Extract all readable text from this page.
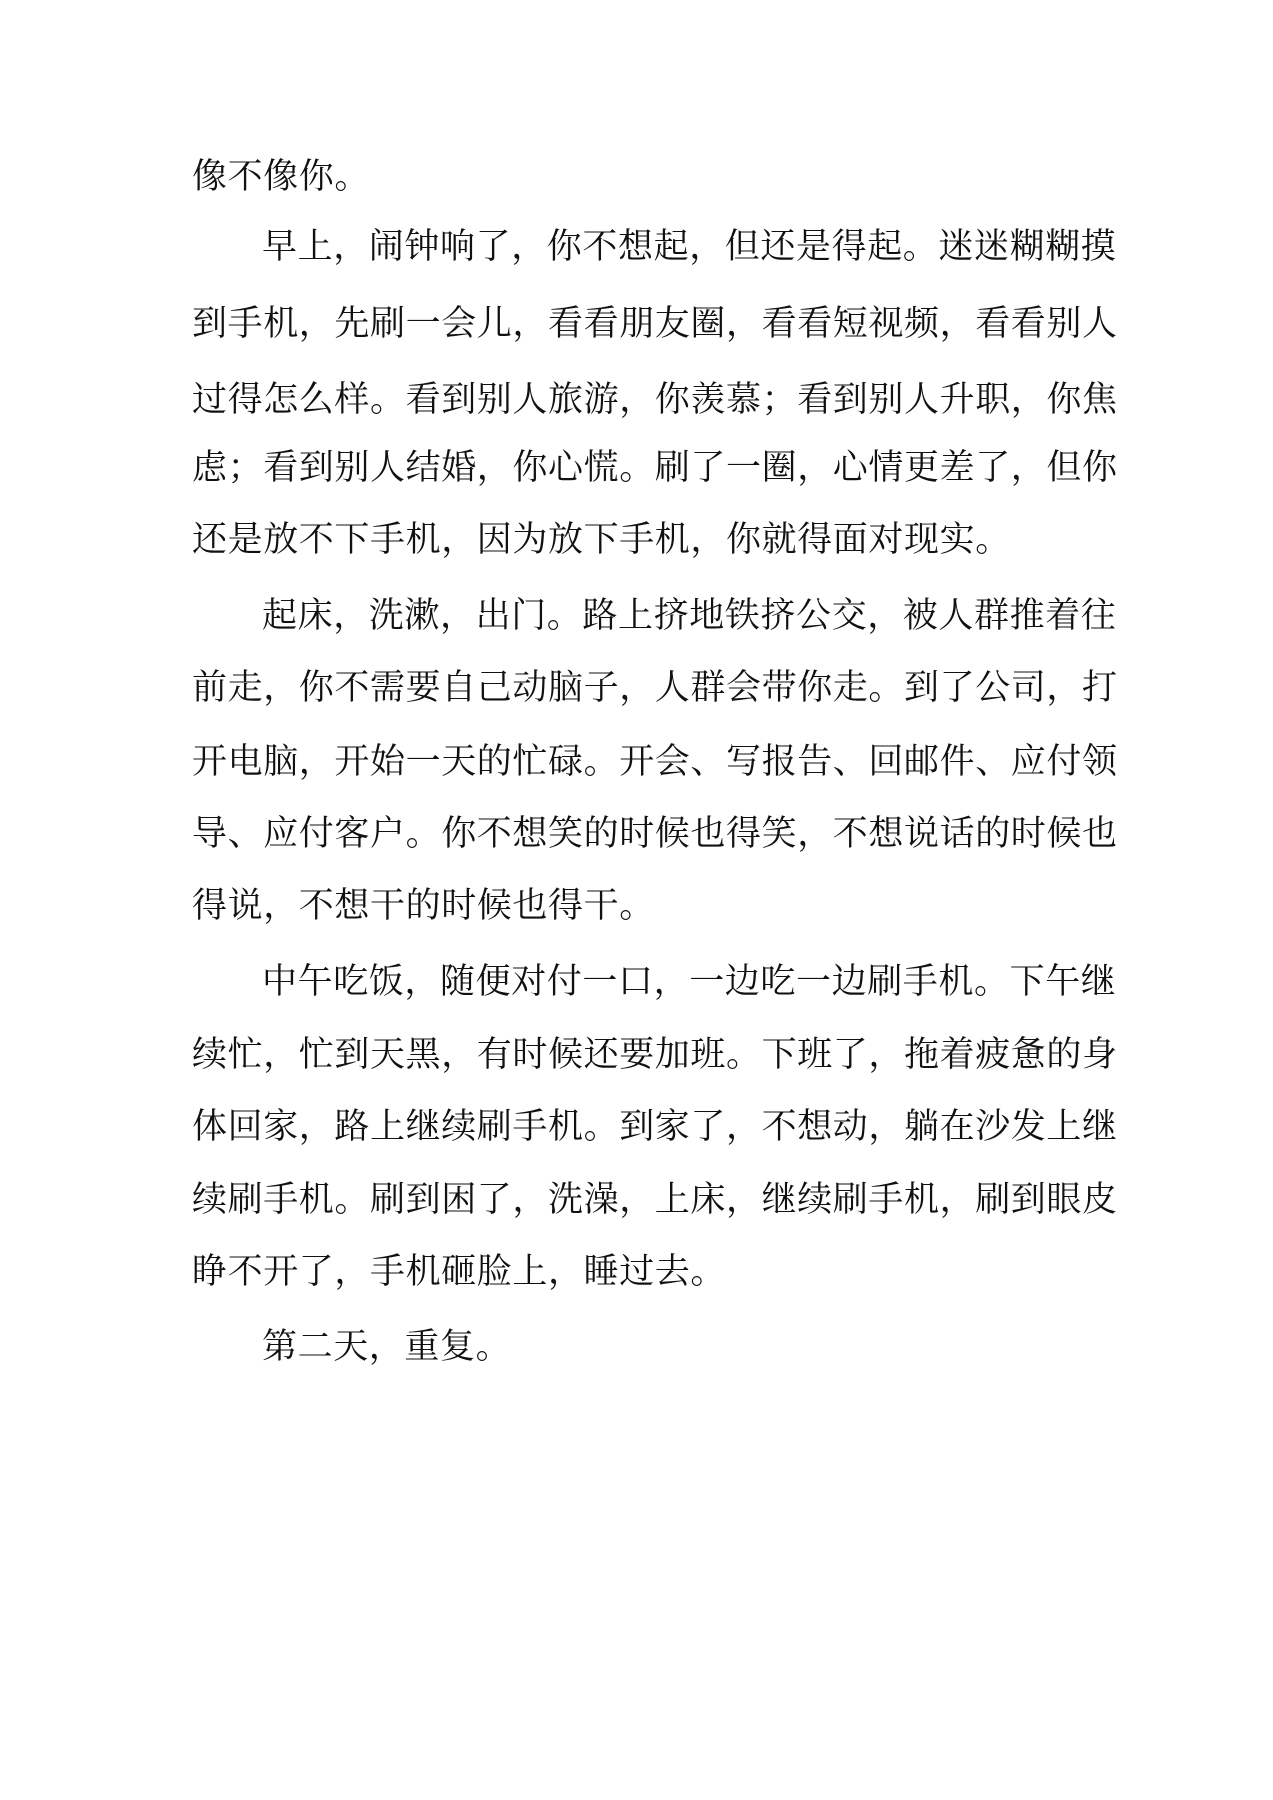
像不像你。

早上，闹钟响了，你不想起，但还是得起。迷迷糊糊摸

到手机，先刷一会儿，看看朋友圈，看看短视频，看看别人

过得怎么样。看到别人旅游，你羡慕；看到别人升职，你焦

虑；看到别人结婚，你心慌。刷了一圈，心情更差了，但你

还是放不下手机，因为放下手机，你就得面对现实。

起床，洗漱，出门。路上挤地铁挤公交，被人群推着往

前走，你不需要自己动脑子，人群会带你走。到了公司，打

开电脑，开始一天的忙碌。开会、写报告、回邮件、应付领

导、应付客户。你不想笑的时候也得笑，不想说话的时候也

得说，不想干的时候也得干。

中午吃饭，随便对付一口，一边吃一边刷手机。下午继

续忙，忙到天黑，有时候还要加班。下班了，拖着疲惫的身

体回家，路上继续刷手机。到家了，不想动，躺在沙发上继

续刷手机。刷到困了，洗澡，上床，继续刷手机，刷到眼皮

睁不开了，手机砸脸上，睡过去。

第二天，重复。
